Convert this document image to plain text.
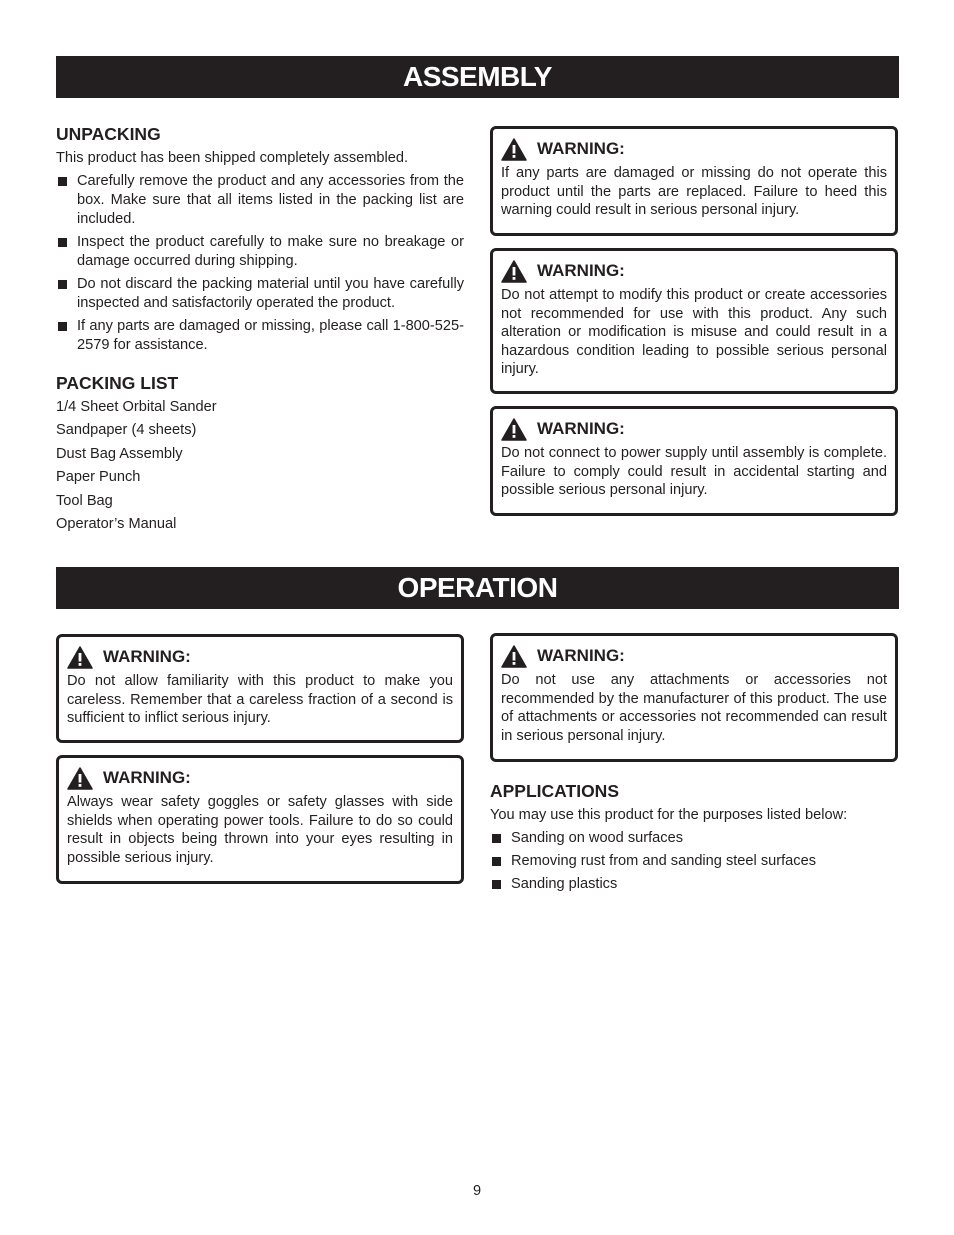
ASSEMBLY
UNPACKING

This product has been shipped completely assembled.

Carefully remove the product and any accessories from the box. Make sure that all items listed in the packing list are included.
Inspect the product carefully to make sure no breakage or damage occurred during shipping.
Do not discard the packing material until you have carefully inspected and satisfactorily operated the product.
If any parts are damaged or missing, please call 1-800-525-2579 for assistance.
PACKING LIST
1/4 Sheet Orbital Sander
Sandpaper (4 sheets)
Dust Bag Assembly
Paper Punch
Tool Bag
Operator’s Manual
WARNING:

If any parts are damaged or missing do not operate this product until the parts are replaced. Failure to heed this warning could result in serious personal injury.

WARNING:

Do not attempt to modify this product or create accessories not recommended for use with this product. Any such alteration or modification is misuse and could result in a hazardous condition leading to possible serious personal injury.

WARNING:

Do not connect to power supply until assembly is complete. Failure to comply could result in accidental starting and possible serious personal injury.

OPERATION
WARNING:

Do not allow familiarity with this product to make you careless. Remember that a careless fraction of a second is sufficient to inflict serious injury.

WARNING:

Always wear safety goggles or safety glasses with side shields when operating power tools. Failure to do so could result in objects being thrown into your eyes resulting in possible serious injury.

WARNING:

Do not use any attachments or accessories not recommended by the manufacturer of this product. The use of attachments or accessories not recommended can result in serious personal injury.

APPLICATIONS

You may use this product for the purposes listed below:

Sanding on wood surfaces
Removing rust from and sanding steel surfaces
Sanding plastics
9
